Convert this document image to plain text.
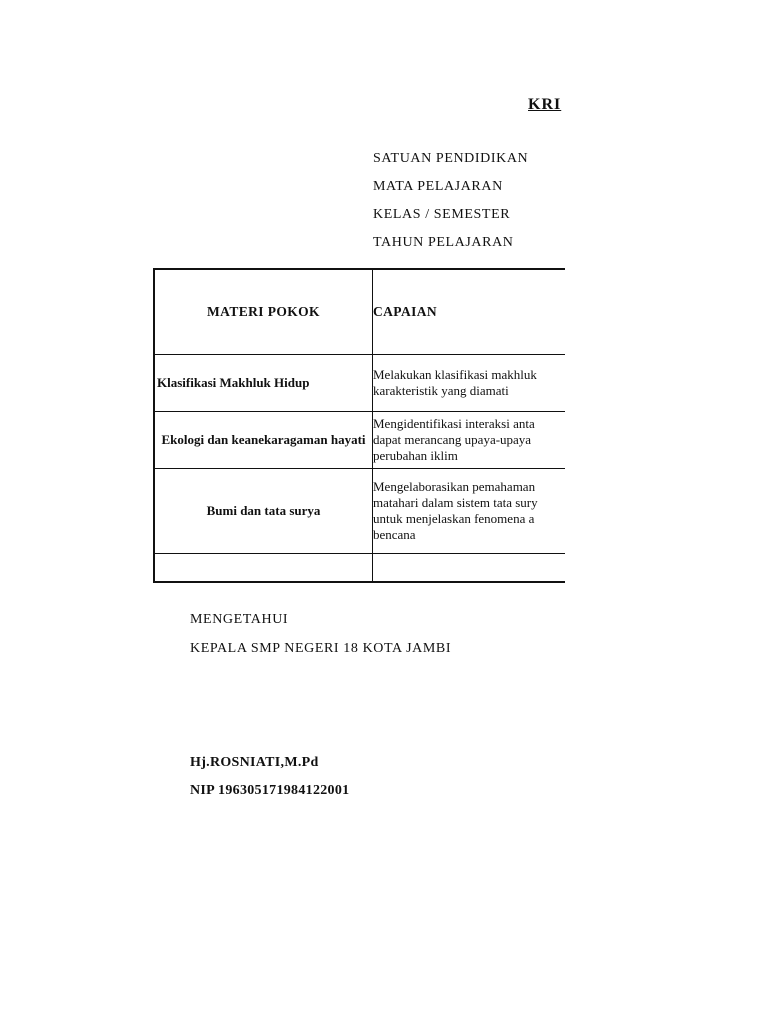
KRI
SATUAN PENDIDIKAN
MATA PELAJARAN
KELAS / SEMESTER
TAHUN PELAJARAN
MATERI POKOK	CAPAIAN
Klasifikasi Makhluk Hidup	Melakukan klasifikasi makhluk
karakteristik yang diamati

Ekologi dan keanekaragaman hayati	Mengidentifikasi interaksi anta
dapat merancang upaya-upaya
perubahan iklim

Bumi dan tata surya	Mengelaborasikan pemahaman
matahari dalam sistem tata sury
untuk menjelaskan fenomena a
bencana

MENGETAHUI
KEPALA SMP NEGERI 18 KOTA JAMBI
Hj.ROSNIATI,M.Pd
NIP 196305171984122001
